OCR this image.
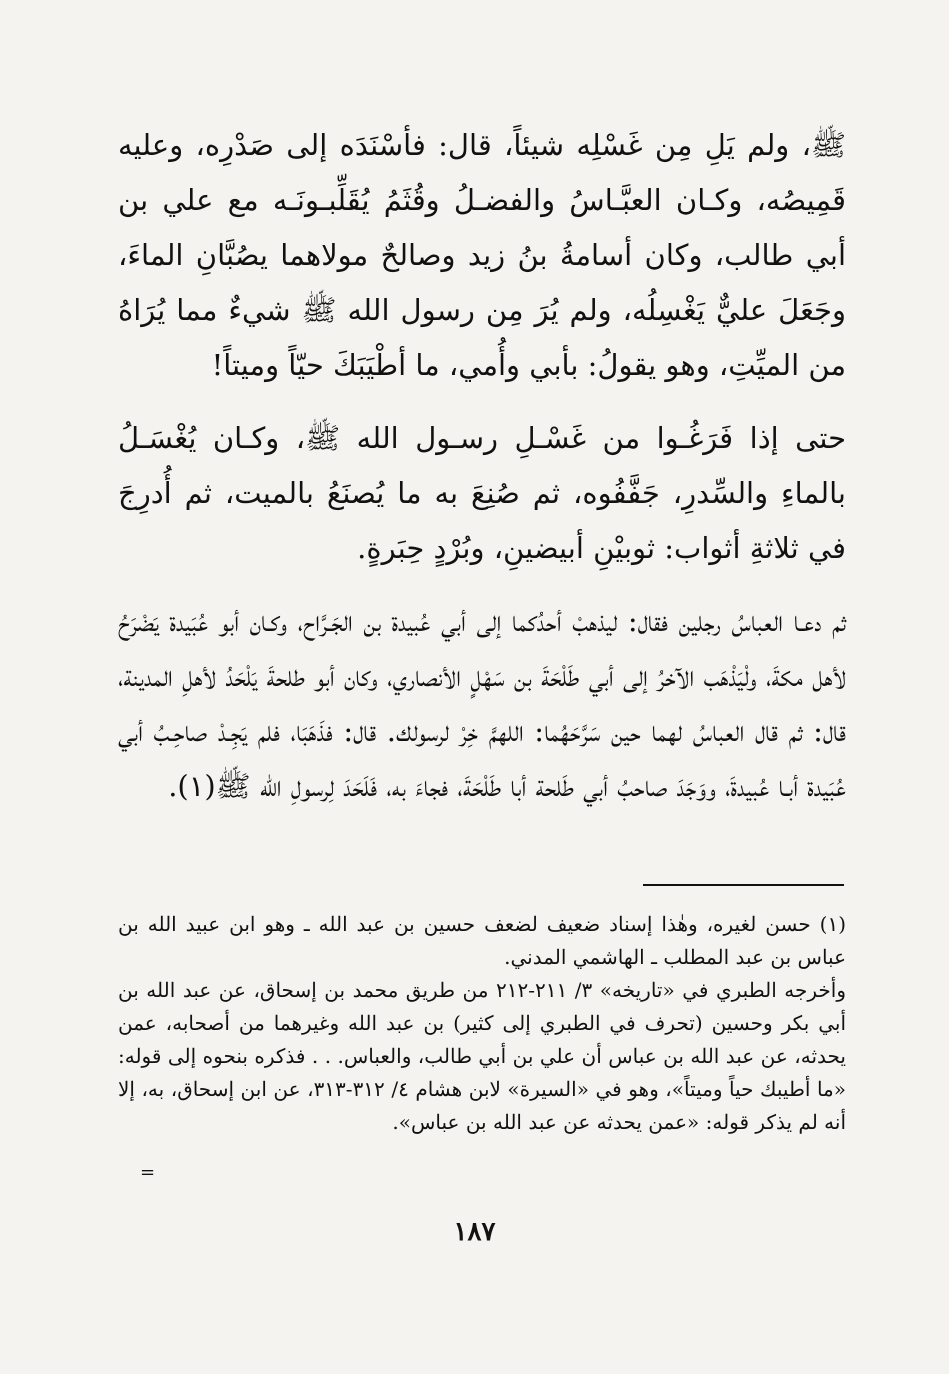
ﷺ، ولم يَلِ مِن غَسْلِه شيئاً، قال: فأسْنَدَه إلى صَدْرِه، وعليه قَمِيصُه، وكـان العبَّـاسُ والفضـلُ وقُثَمُ يُقَلِّبـونَـه مع علي بن أبي طالب، وكان أسامةُ بنُ زيد وصالحٌ مولاهما يصُبَّانِ الماءَ، وجَعَلَ عليٌّ يَغْسِلُه، ولم يُرَ مِن رسول الله ﷺ شيءٌ مما يُرَاهُ من الميِّتِ، وهو يقولُ: بأبي وأُمي، ما أطْيَبَكَ حيّاً وميتاً!

حتى إذا فَرَغُـوا من غَسْـلِ رسـول الله ﷺ، وكـان يُغْسَـلُ بالماءِ والسِّدرِ، جَفَّفُوه، ثم صُنِعَ به ما يُصنَعُ بالميت، ثم أُدرِجَ في ثلاثةِ أثواب: ثوبيْنِ أبيضينِ، وبُرْدٍ حِبَرةٍ.

ثم دعـا العباسُ رجلين فقال: ليذهبْ أحدُكما إلى أبي عُبيدة بن الجَـرَّاح، وكـان أبو عُبَيدة يَضْرَحُ لأهل مكةَ، ولْيَذْهَب الآخرُ إلى أبي طَلْحَةَ بن سَهْلٍ الأنصاري، وكان أبو طلحةَ يَلْحَدُ لأهلِ المدينة، قال: ثم قال العباسُ لهما حين سَرَّحَهُما: اللهمَّ خِرْ لرسولك. قال: فذَهَبَا، فلم يَجِـدْ صاحِـبُ أبي عُبَيدة أبـا عُبيدةَ، ووَجَدَ صاحبُ أبي طَلحة أبا طَلْحَةَ، فجاءَ به، فَلَحَدَ لِرسولِ الله ﷺ(١).

(١) حسن لغيره، وهٰذا إسناد ضعيف لضعف حسين بن عبد الله ـ وهو ابن عبيد الله بن عباس بن عبد المطلب ـ الهاشمي المدني.

وأخرجه الطبري في «تاريخه» ٣/ ٢١١-٢١٢ من طريق محمد بن إسحاق، عن عبد الله بن أبي بكر وحسين (تحرف في الطبري إلى كثير) بن عبد الله وغيرهما من أصحابه، عمن يحدثه، عن عبد الله بن عباس أن علي بن أبي طالب، والعباس. . . فذكره بنحوه إلى قوله: «ما أطيبك حياً وميتاً»، وهو في «السيرة» لابن هشام ٤/ ٣١٢-٣١٣، عن ابن إسحاق، به، إلا أنه لم يذكر قوله: «عمن يحدثه عن عبد الله بن عباس».

=
١٨٧
